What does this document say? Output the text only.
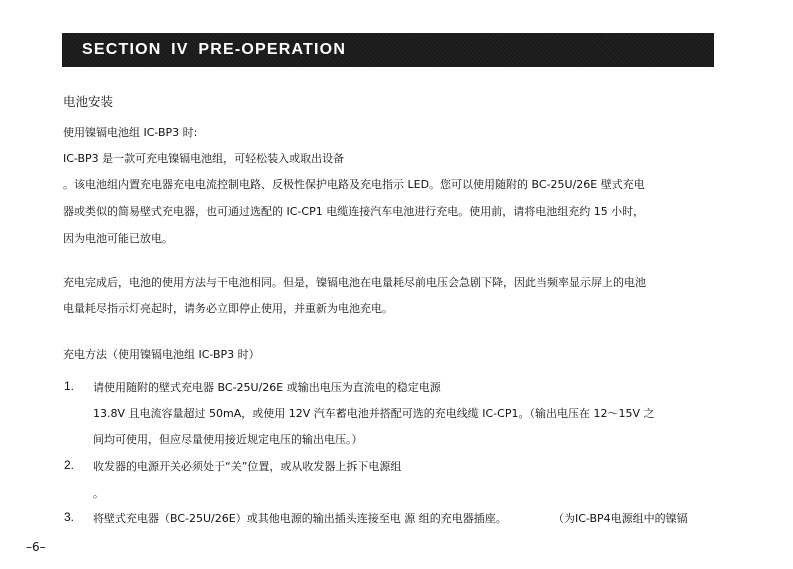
SECTION IV PRE-OPERATION
电池安装
使用镍镉电池组 IC-BP3 时:
IC-BP3 是一款可充电镍镉电池组，可轻松装入或取出设备
。该电池组内置充电器充电电流控制电路、反极性保护电路及充电指示 LED。您可以使用随附的 BC-25U/26E 壁式充电
器或类似的简易壁式充电器，也可通过选配的 IC-CP1 电缆连接汽车电池进行充电。使用前，请将电池组充约 15 小时，
因为电池可能已放电。
充电完成后，电池的使用方法与干电池相同。但是，镍镉电池在电量耗尽前电压会急剧下降，因此当频率显示屏上的电池
电量耗尽指示灯亮起时，请务必立即停止使用，并重新为电池充电。
充电方法（使用镍镉电池组 IC-BP3 时）
1. 请使用随附的壁式充电器 BC-25U/26E 或输出电压为直流电的稳定电源
13.8V 且电流容量超过 50mA，或使用 12V 汽车蓄电池并搭配可选的充电线缆 IC-CP1。（输出电压在 12～15V 之
间均可使用，但应尽量使用接近规定电压的输出电压。）
2. 收发器的电源开关必须处于“关”位置，或从收发器上拆下电源组
。
3. 将壁式充电器（BC-25U/26E）或其他电源的输出插头连接至电 源 组的充电器插座。	（为IC-BP4电源组中的镍镉
–6–
